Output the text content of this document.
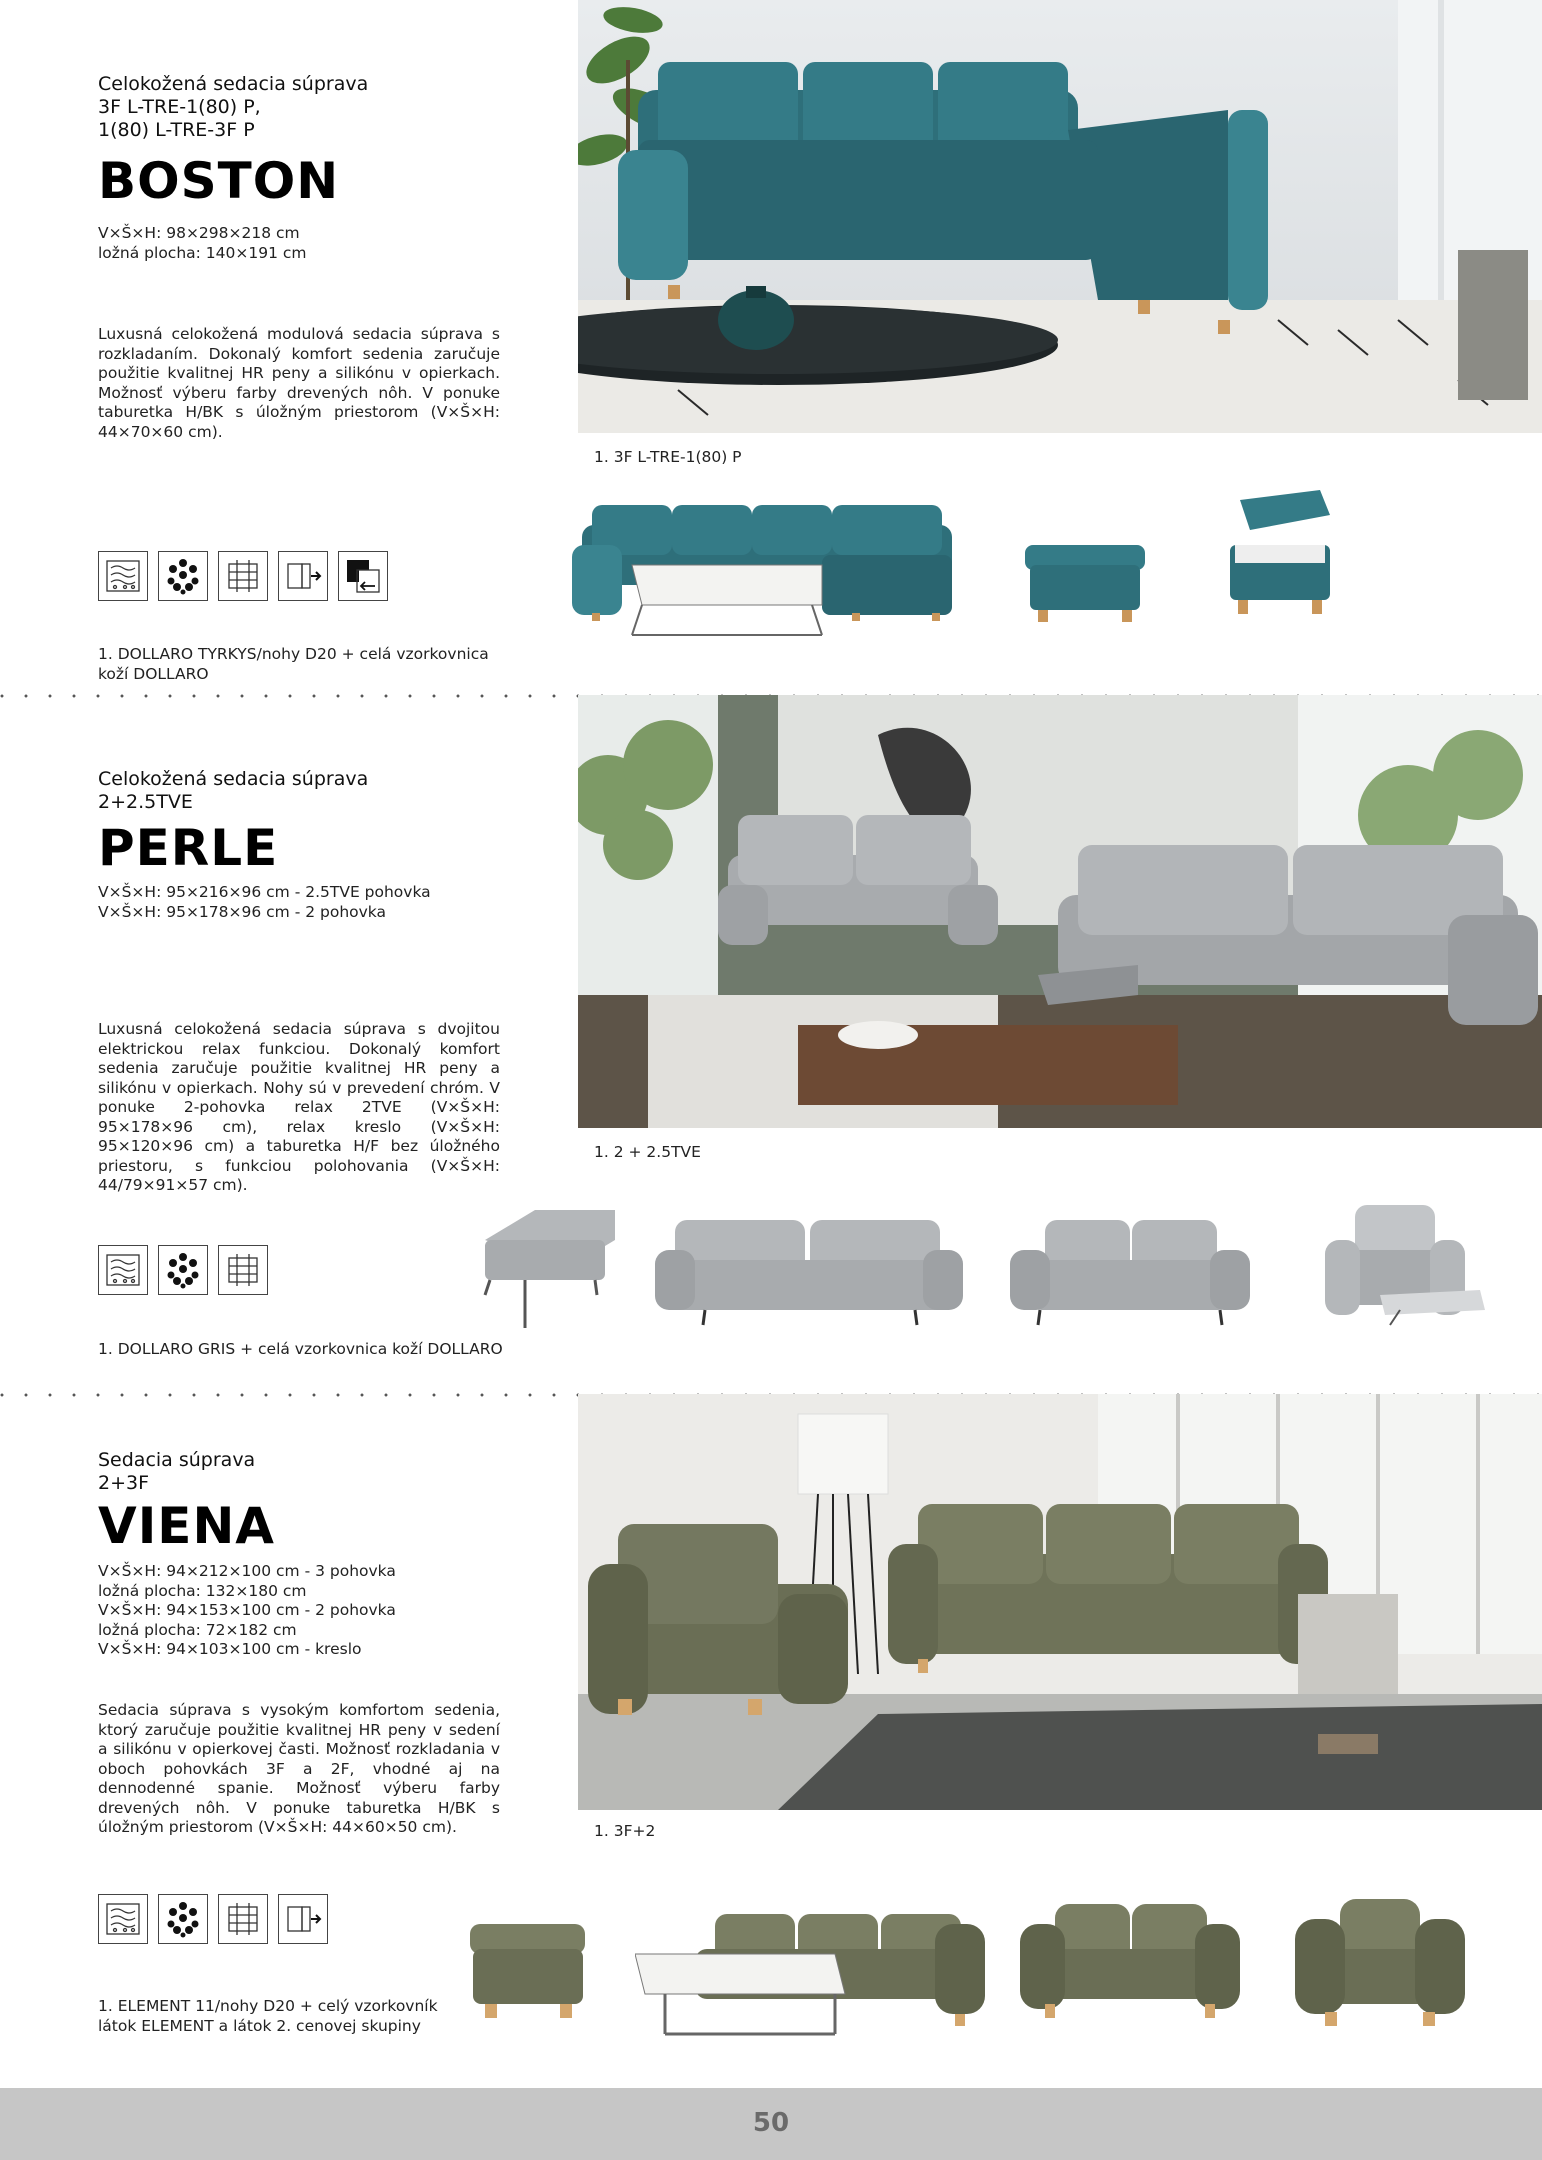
Celokožená sedacia súprava
3F L-TRE-1(80) P,
1(80) L-TRE-3F P
BOSTON
V×Š×H: 98×298×218 cm
ložná plocha: 140×191 cm
Luxusná celokožená modulová sedacia súprava s rozkladaním. Dokonalý komfort sedenia zaručuje použitie kvalitnej HR peny a silikónu v opierkach. Možnosť výberu farby drevených nôh. V ponuke taburetka H/BK s úložným priestorom (V×Š×H: 44×70×60 cm).
1. DOLLARO TYRKYS/nohy D20 + celá vzorkovnica koží DOLLARO
1. 3F L-TRE-1(80) P
Celokožená sedacia súprava
2+2.5TVE
PERLE
V×Š×H: 95×216×96 cm - 2.5TVE pohovka
V×Š×H: 95×178×96 cm - 2 pohovka
Luxusná celokožená sedacia súprava s dvojitou elektrickou relax funkciou. Dokonalý komfort sedenia zaručuje použitie kvalitnej HR peny a silikónu v opierkach. Nohy sú v prevedení chróm. V ponuke 2-pohovka relax 2TVE (V×Š×H: 95×178×96 cm), relax kreslo (V×Š×H: 95×120×96 cm) a taburetka H/F bez úložného priestoru, s funkciou polohovania (V×Š×H: 44/79×91×57 cm).
1. DOLLARO GRIS + celá vzorkovnica koží DOLLARO
1. 2 + 2.5TVE
Sedacia súprava
2+3F
VIENA
V×Š×H: 94×212×100 cm - 3 pohovka
ložná plocha: 132×180 cm
V×Š×H: 94×153×100 cm - 2 pohovka
ložná plocha: 72×182 cm
V×Š×H: 94×103×100 cm - kreslo
Sedacia súprava s vysokým komfortom sedenia, ktorý zaručuje použitie kvalitnej HR peny v sedení a silikónu v opierkovej časti. Možnosť rozkladania v oboch pohovkách 3F a 2F, vhodné aj na dennodenné spanie. Možnosť výberu farby drevených nôh. V ponuke taburetka H/BK s úložným priestorom (V×Š×H: 44×60×50 cm).
1. ELEMENT 11/nohy D20 + celý vzorkovník látok ELEMENT a látok 2. cenovej skupiny
1. 3F+2
50
